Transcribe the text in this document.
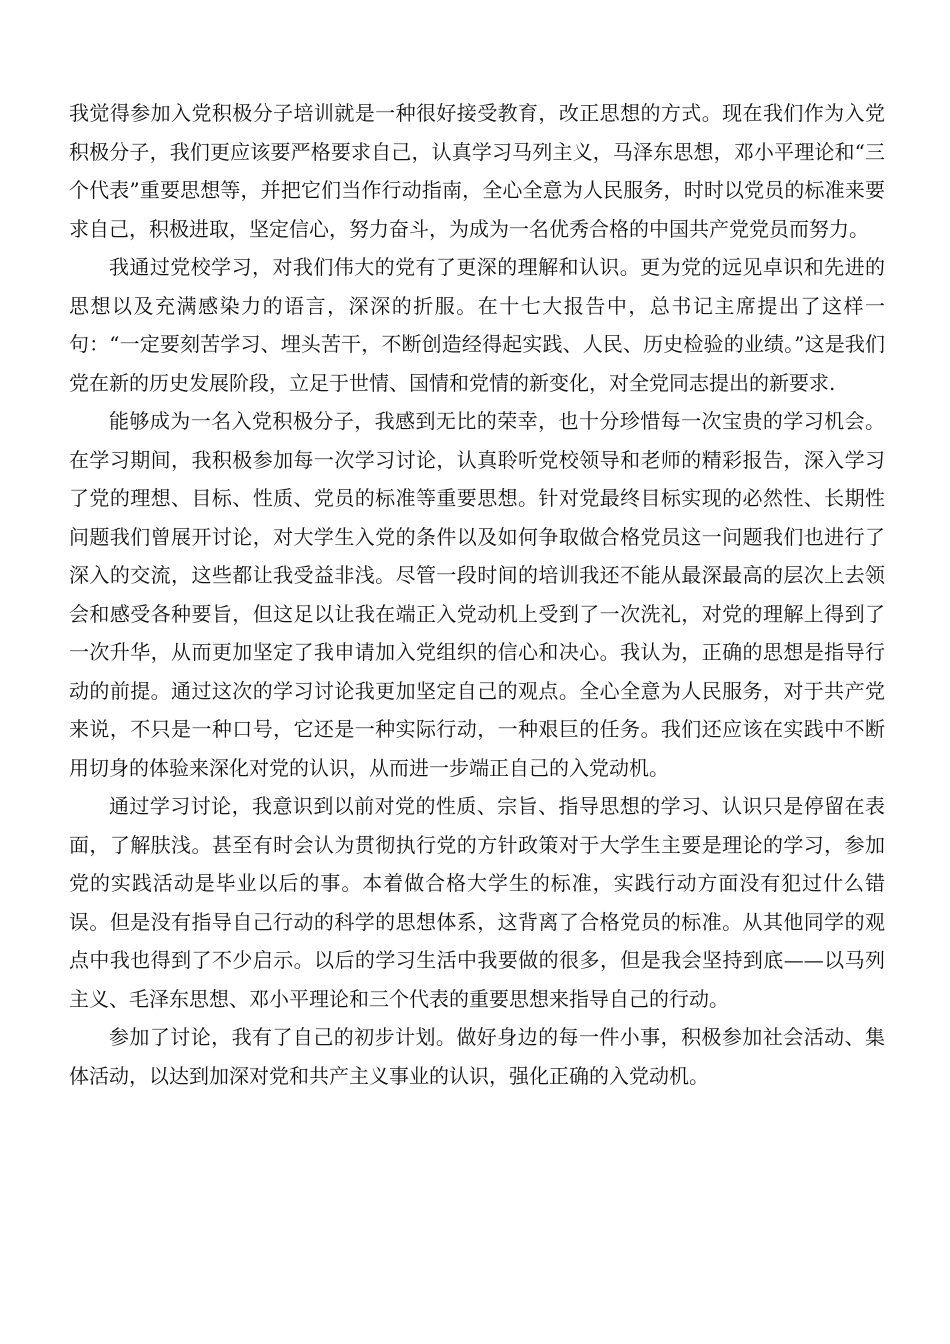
我觉得参加入党积极分子培训就是一种很好接受教育，改正思想的方式。现在我们作为入党积极分子，我们更应该要严格要求自己，认真学习马列主义，马泽东思想，邓小平理论和“三个代表”重要思想等，并把它们当作行动指南，全心全意为人民服务，时时以党员的标准来要求自己，积极进取，坚定信心，努力奋斗，为成为一名优秀合格的中国共产党党员而努力。

我通过党校学习，对我们伟大的党有了更深的理解和认识。更为党的远见卓识和先进的思想以及充满感染力的语言，深深的折服。在十七大报告中，总书记主席提出了这样一句：“一定要刻苦学习、埋头苦干，不断创造经得起实践、人民、历史检验的业绩。”这是我们党在新的历史发展阶段，立足于世情、国情和党情的新变化，对全党同志提出的新要求.

能够成为一名入党积极分子，我感到无比的荣幸，也十分珍惜每一次宝贵的学习机会。在学习期间，我积极参加每一次学习讨论，认真聆听党校领导和老师的精彩报告，深入学习了党的理想、目标、性质、党员的标准等重要思想。针对党最终目标实现的必然性、长期性问题我们曾展开讨论，对大学生入党的条件以及如何争取做合格党员这一问题我们也进行了深入的交流，这些都让我受益非浅。尽管一段时间的培训我还不能从最深最高的层次上去领会和感受各种要旨，但这足以让我在端正入党动机上受到了一次洗礼，对党的理解上得到了一次升华，从而更加坚定了我申请加入党组织的信心和决心。我认为，正确的思想是指导行动的前提。通过这次的学习讨论我更加坚定自己的观点。全心全意为人民服务，对于共产党来说，不只是一种口号，它还是一种实际行动，一种艰巨的任务。我们还应该在实践中不断用切身的体验来深化对党的认识，从而进一步端正自己的入党动机。

通过学习讨论，我意识到以前对党的性质、宗旨、指导思想的学习、认识只是停留在表面，了解肤浅。甚至有时会认为贯彻执行党的方针政策对于大学生主要是理论的学习，参加党的实践活动是毕业以后的事。本着做合格大学生的标准，实践行动方面没有犯过什么错误。但是没有指导自己行动的科学的思想体系，这背离了合格党员的标准。从其他同学的观点中我也得到了不少启示。以后的学习生活中我要做的很多，但是我会坚持到底——以马列主义、毛泽东思想、邓小平理论和三个代表的重要思想来指导自己的行动。

参加了讨论，我有了自己的初步计划。做好身边的每一件小事，积极参加社会活动、集体活动，以达到加深对党和共产主义事业的认识，强化正确的入党动机。
